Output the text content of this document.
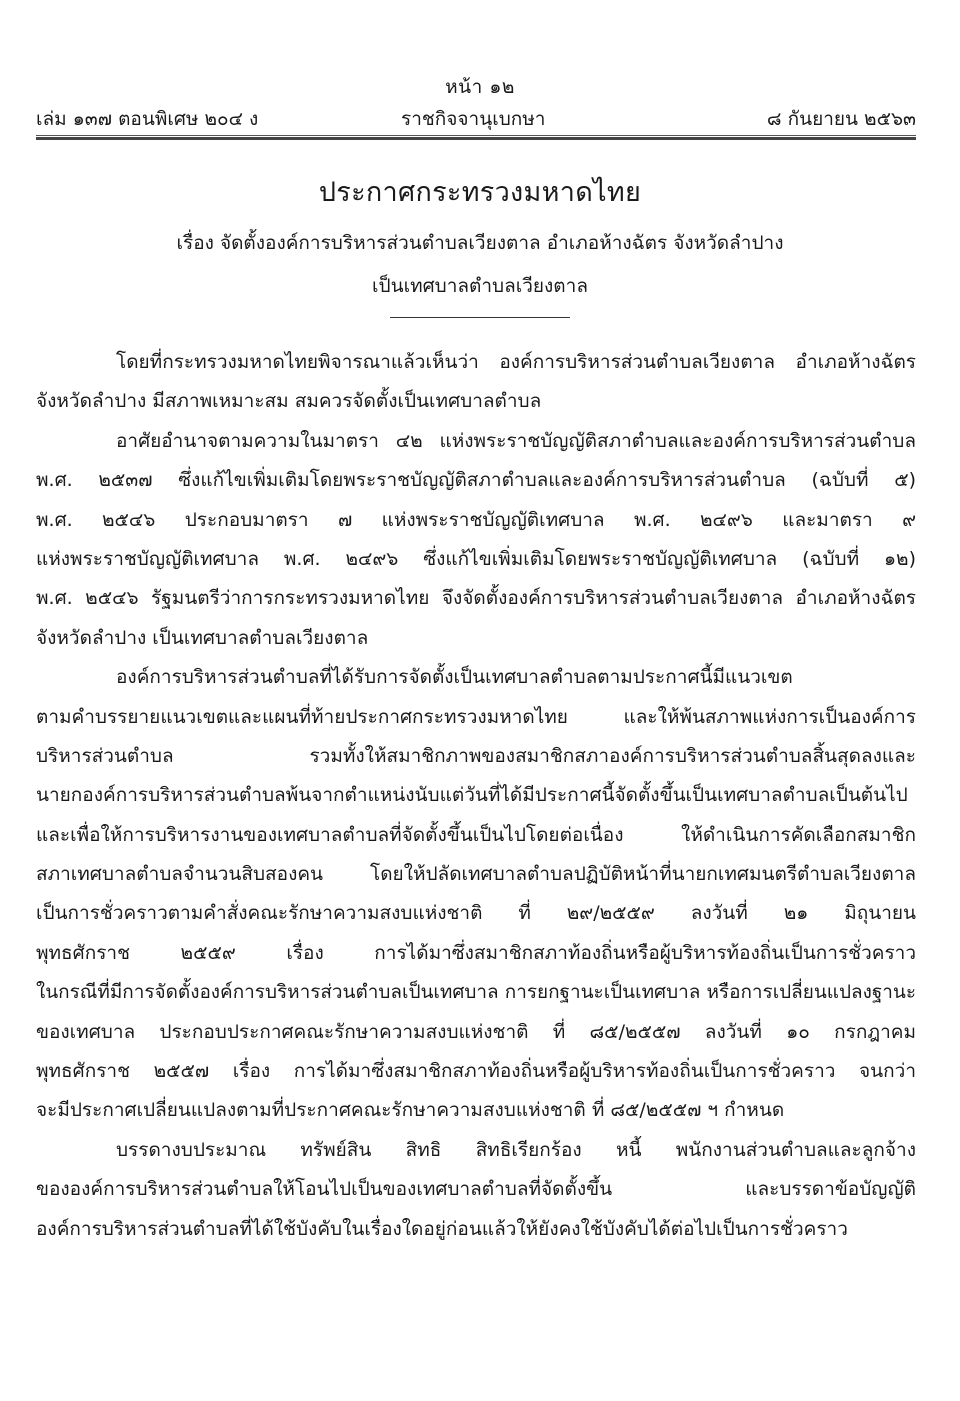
หน้า ๑๒
เล่ม ๑๓๗ ตอนพิเศษ ๒๐๔ ง	ราชกิจจานุเบกษา	๘ กันยายน ๒๕๖๓
ประกาศกระทรวงมหาดไทย
เรื่อง จัดตั้งองค์การบริหารส่วนตำบลเวียงตาล อำเภอห้างฉัตร จังหวัดลำปาง
เป็นเทศบาลตำบลเวียงตาล
โดยที่กระทรวงมหาดไทยพิจารณาแล้วเห็นว่า องค์การบริหารส่วนตำบลเวียงตาล อำเภอห้างฉัตร
จังหวัดลำปาง มีสภาพเหมาะสม สมควรจัดตั้งเป็นเทศบาลตำบล
อาศัยอำนาจตามความในมาตรา ๔๒ แห่งพระราชบัญญัติสภาตำบลและองค์การบริหารส่วนตำบล
พ.ศ. ๒๕๓๗ ซึ่งแก้ไขเพิ่มเติมโดยพระราชบัญญัติสภาตำบลและองค์การบริหารส่วนตำบล (ฉบับที่ ๕)
พ.ศ. ๒๕๔๖ ประกอบมาตรา ๗ แห่งพระราชบัญญัติเทศบาล พ.ศ. ๒๔๙๖ และมาตรา ๙
แห่งพระราชบัญญัติเทศบาล พ.ศ. ๒๔๙๖ ซึ่งแก้ไขเพิ่มเติมโดยพระราชบัญญัติเทศบาล (ฉบับที่ ๑๒)
พ.ศ. ๒๕๔๖ รัฐมนตรีว่าการกระทรวงมหาดไทย จึงจัดตั้งองค์การบริหารส่วนตำบลเวียงตาล อำเภอห้างฉัตร
จังหวัดลำปาง เป็นเทศบาลตำบลเวียงตาล
องค์การบริหารส่วนตำบลที่ได้รับการจัดตั้งเป็นเทศบาลตำบลตามประกาศนี้มีแนวเขต
ตามคำบรรยายแนวเขตและแผนที่ท้ายประกาศกระทรวงมหาดไทย และให้พ้นสภาพแห่งการเป็นองค์การ
บริหารส่วนตำบล รวมทั้งให้สมาชิกภาพของสมาชิกสภาองค์การบริหารส่วนตำบลสิ้นสุดลงและ
นายกองค์การบริหารส่วนตำบลพ้นจากตำแหน่งนับแต่วันที่ได้มีประกาศนี้จัดตั้งขึ้นเป็นเทศบาลตำบลเป็นต้นไป
และเพื่อให้การบริหารงานของเทศบาลตำบลที่จัดตั้งขึ้นเป็นไปโดยต่อเนื่อง ให้ดำเนินการคัดเลือกสมาชิก
สภาเทศบาลตำบลจำนวนสิบสองคน โดยให้ปลัดเทศบาลตำบลปฏิบัติหน้าที่นายกเทศมนตรีตำบลเวียงตาล
เป็นการชั่วคราวตามคำสั่งคณะรักษาความสงบแห่งชาติ ที่ ๒๙/๒๕๕๙ ลงวันที่ ๒๑ มิถุนายน
พุทธศักราช ๒๕๕๙ เรื่อง การได้มาซึ่งสมาชิกสภาท้องถิ่นหรือผู้บริหารท้องถิ่นเป็นการชั่วคราว
ในกรณีที่มีการจัดตั้งองค์การบริหารส่วนตำบลเป็นเทศบาล การยกฐานะเป็นเทศบาล หรือการเปลี่ยนแปลงฐานะ
ของเทศบาล ประกอบประกาศคณะรักษาความสงบแห่งชาติ ที่ ๘๕/๒๕๕๗ ลงวันที่ ๑๐ กรกฎาคม
พุทธศักราช ๒๕๕๗ เรื่อง การได้มาซึ่งสมาชิกสภาท้องถิ่นหรือผู้บริหารท้องถิ่นเป็นการชั่วคราว จนกว่า
จะมีประกาศเปลี่ยนแปลงตามที่ประกาศคณะรักษาความสงบแห่งชาติ ที่ ๘๕/๒๕๕๗ ฯ กำหนด
บรรดางบประมาณ ทรัพย์สิน สิทธิ สิทธิเรียกร้อง หนี้ พนักงานส่วนตำบลและลูกจ้าง
ขององค์การบริหารส่วนตำบลให้โอนไปเป็นของเทศบาลตำบลที่จัดตั้งขึ้น และบรรดาข้อบัญญัติ
องค์การบริหารส่วนตำบลที่ได้ใช้บังคับในเรื่องใดอยู่ก่อนแล้วให้ยังคงใช้บังคับได้ต่อไปเป็นการชั่วคราว
